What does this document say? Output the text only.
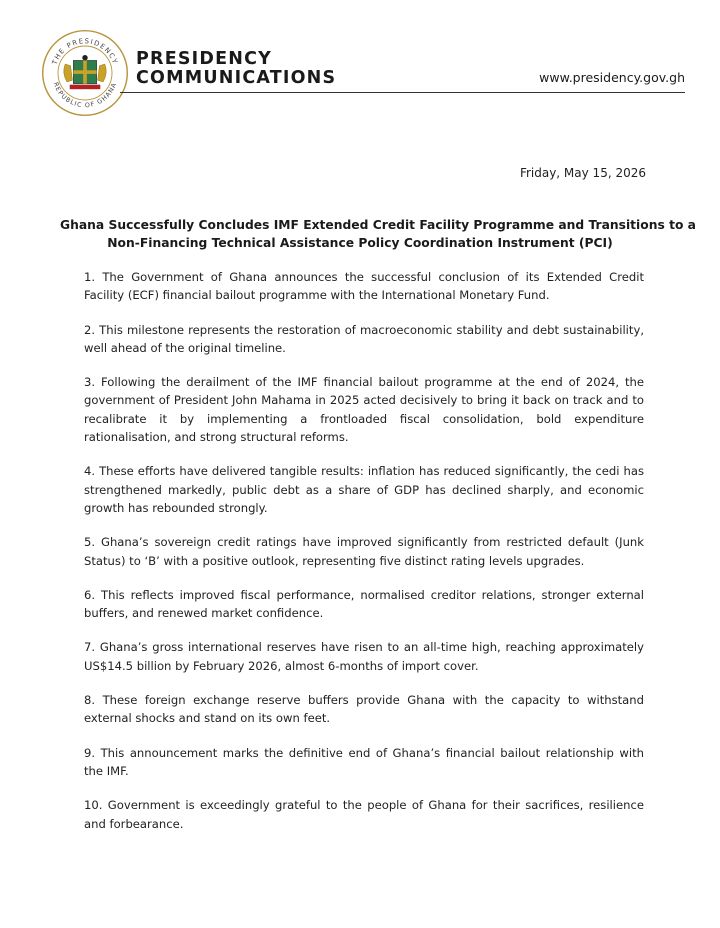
THE PRESIDENCY
REPUBLIC OF GHANA
PRESIDENCY
COMMUNICATIONS	www.presidency.gov.gh
Friday, May 15, 2026
Ghana Successfully Concludes IMF Extended Credit Facility Programme and Transitions to a
Non-Financing Technical Assistance Policy Coordination Instrument (PCI)

1. The Government of Ghana announces the successful conclusion of its Extended Credit Facility (ECF) financial bailout programme with the International Monetary Fund.

2. This milestone represents the restoration of macroeconomic stability and debt sustainability, well ahead of the original timeline.

3. Following the derailment of the IMF financial bailout programme at the end of 2024, the government of President John Mahama in 2025 acted decisively to bring it back on track and to recalibrate it by implementing a frontloaded fiscal consolidation, bold expenditure rationalisation, and strong structural reforms.

4. These efforts have delivered tangible results: inflation has reduced significantly, the cedi has strengthened markedly, public debt as a share of GDP has declined sharply, and economic growth has rebounded strongly.

5. Ghana’s sovereign credit ratings have improved significantly from restricted default (Junk Status) to ‘B’ with a positive outlook, representing five distinct rating levels upgrades.

6. This reflects improved fiscal performance, normalised creditor relations, stronger external buffers, and renewed market confidence.

7. Ghana’s gross international reserves have risen to an all-time high, reaching approximately US$14.5 billion by February 2026, almost 6-months of import cover.

8. These foreign exchange reserve buffers provide Ghana with the capacity to withstand external shocks and stand on its own feet.

9. This announcement marks the definitive end of Ghana’s financial bailout relationship with the IMF.

10. Government is exceedingly grateful to the people of Ghana for their sacrifices, resilience and forbearance.
